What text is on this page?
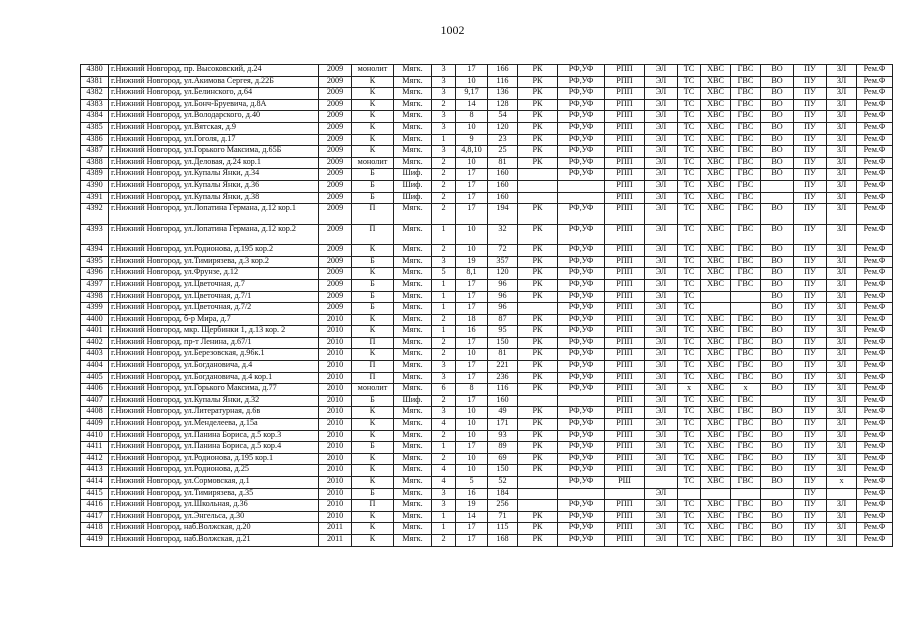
1002
4380	г.Нижний Новгород, пр. Высоковский, д.24	2009	монолит	Мягк.	3	17	166	РК	РФ,УФ	РПП	ЭЛ	ТС	ХВС	ГВС	ВО	ПУ	ЗЛ	Рем.Ф
4381	г.Нижний Новгород, ул.Акимова Сергея, д.22Б	2009	К	Мягк.	3	10	116	РК	РФ,УФ	РПП	ЭЛ	ТС	ХВС	ГВС	ВО	ПУ	ЗЛ	Рем.Ф
4382	г.Нижний Новгород, ул.Белинского, д.64	2009	К	Мягк.	3	9,17	136	РК	РФ,УФ	РПП	ЭЛ	ТС	ХВС	ГВС	ВО	ПУ	ЗЛ	Рем.Ф
4383	г.Нижний Новгород, ул.Бонч-Бруевича, д.8А	2009	К	Мягк.	2	14	128	РК	РФ,УФ	РПП	ЭЛ	ТС	ХВС	ГВС	ВО	ПУ	ЗЛ	Рем.Ф
4384	г.Нижний Новгород, ул.Володарского, д.40	2009	К	Мягк.	3	8	54	РК	РФ,УФ	РПП	ЭЛ	ТС	ХВС	ГВС	ВО	ПУ	ЗЛ	Рем.Ф
4385	г.Нижний Новгород, ул.Вятская, д.9	2009	К	Мягк.	3	10	120	РК	РФ,УФ	РПП	ЭЛ	ТС	ХВС	ГВС	ВО	ПУ	ЗЛ	Рем.Ф
4386	г.Нижний Новгород, ул.Гоголя, д.17	2009	К	Мягк.	1	9	23	РК	РФ,УФ	РПП	ЭЛ	ТС	ХВС	ГВС	ВО	ПУ	ЗЛ	Рем.Ф
4387	г.Нижний Новгород, ул.Горького Максима, д.65Б	2009	К	Мягк.	3	4,8,10	25	РК	РФ,УФ	РПП	ЭЛ	ТС	ХВС	ГВС	ВО	ПУ	ЗЛ	Рем.Ф
4388	г.Нижний Новгород, ул.Деловая, д.24 кор.1	2009	монолит	Мягк.	2	10	81	РК	РФ,УФ	РПП	ЭЛ	ТС	ХВС	ГВС	ВО	ПУ	ЗЛ	Рем.Ф
4389	г.Нижний Новгород, ул.Купалы Янки, д.34	2009	Б	Шиф.	2	17	160		РФ,УФ	РПП	ЭЛ	ТС	ХВС	ГВС	ВО	ПУ	ЗЛ	Рем.Ф
4390	г.Нижний Новгород, ул.Купалы Янки, д.36	2009	Б	Шиф.	2	17	160			РПП	ЭЛ	ТС	ХВС	ГВС		ПУ	ЗЛ	Рем.Ф
4391	г.Нижний Новгород, ул.Купалы Янки, д.38	2009	Б	Шиф.	2	17	160			РПП	ЭЛ	ТС	ХВС	ГВС		ПУ	ЗЛ	Рем.Ф
4392	г.Нижний Новгород, ул.Лопатина Германа, д.12 кор.1	2009	П	Мягк.	2	17	194	РК	РФ,УФ	РПП	ЭЛ	ТС	ХВС	ГВС	ВО	ПУ	ЗЛ	Рем.Ф
4393	г.Нижний Новгород, ул.Лопатина Германа, д.12 кор.2	2009	П	Мягк.	1	10	32	РК	РФ,УФ	РПП	ЭЛ	ТС	ХВС	ГВС	ВО	ПУ	ЗЛ	Рем.Ф
4394	г.Нижний Новгород, ул.Родионова, д.195 кор.2	2009	К	Мягк.	2	10	72	РК	РФ,УФ	РПП	ЭЛ	ТС	ХВС	ГВС	ВО	ПУ	ЗЛ	Рем.Ф
4395	г.Нижний Новгород, ул.Тимирязева, д.3 кор.2	2009	Б	Мягк.	3	19	357	РК	РФ,УФ	РПП	ЭЛ	ТС	ХВС	ГВС	ВО	ПУ	ЗЛ	Рем.Ф
4396	г.Нижний Новгород, ул.Фрунзе, д.12	2009	К	Мягк.	5	8,1	120	РК	РФ,УФ	РПП	ЭЛ	ТС	ХВС	ГВС	ВО	ПУ	ЗЛ	Рем.Ф
4397	г.Нижний Новгород, ул.Цветочная, д.7	2009	Б	Мягк.	1	17	96	РК	РФ,УФ	РПП	ЭЛ	ТС	ХВС	ГВС	ВО	ПУ	ЗЛ	Рем.Ф
4398	г.Нижний Новгород, ул.Цветочная, д.7/1	2009	Б	Мягк.	1	17	96	РК	РФ,УФ	РПП	ЭЛ	ТС			ВО	ПУ	ЗЛ	Рем.Ф
4399	г.Нижний Новгород, ул.Цветочная, д.7/2	2009	Б	Мягк.	1	17	96		РФ,УФ	РПП	ЭЛ	ТС			ВО	ПУ	ЗЛ	Рем.Ф
4400	г.Нижний Новгород, б-р Мира, д.7	2010	К	Мягк.	2	18	87	РК	РФ,УФ	РПП	ЭЛ	ТС	ХВС	ГВС	ВО	ПУ	ЗЛ	Рем.Ф
4401	г.Нижний Новгород, мкр. Щербинки 1, д.13 кор. 2	2010	К	Мягк.	1	16	95	РК	РФ,УФ	РПП	ЭЛ	ТС	ХВС	ГВС	ВО	ПУ	ЗЛ	Рем.Ф
4402	г.Нижний Новгород, пр-т Ленина, д.67/1	2010	П	Мягк.	2	17	150	РК	РФ,УФ	РПП	ЭЛ	ТС	ХВС	ГВС	ВО	ПУ	ЗЛ	Рем.Ф
4403	г.Нижний Новгород, ул.Березовская, д.96к.1	2010	К	Мягк.	2	10	81	РК	РФ,УФ	РПП	ЭЛ	ТС	ХВС	ГВС	ВО	ПУ	ЗЛ	Рем.Ф
4404	г.Нижний Новгород, ул.Богдановича, д.4	2010	П	Мягк.	3	17	221	РК	РФ,УФ	РПП	ЭЛ	ТС	ХВС	ГВС	ВО	ПУ	ЗЛ	Рем.Ф
4405	г.Нижний Новгород, ул.Богдановича, д.4 кор.1	2010	П	Мягк.	3	17	236	РК	РФ,УФ	РПП	ЭЛ	ТС	ХВС	ГВС	ВО	ПУ	ЗЛ	Рем.Ф
4406	г.Нижний Новгород, ул.Горького Максима, д.77	2010	монолит	Мягк.	6	8	116	РК	РФ,УФ	РПП	ЭЛ	x	ХВС	x	ВО	ПУ	ЗЛ	Рем.Ф
4407	г.Нижний Новгород, ул.Купалы Янки, д.32	2010	Б	Шиф.	2	17	160			РПП	ЭЛ	ТС	ХВС	ГВС		ПУ	ЗЛ	Рем.Ф
4408	г.Нижний Новгород, ул.Литературная, д.6в	2010	К	Мягк.	3	10	49	РК	РФ,УФ	РПП	ЭЛ	ТС	ХВС	ГВС	ВО	ПУ	ЗЛ	Рем.Ф
4409	г.Нижний Новгород, ул.Менделеева, д.15а	2010	К	Мягк.	4	10	171	РК	РФ,УФ	РПП	ЭЛ	ТС	ХВС	ГВС	ВО	ПУ	ЗЛ	Рем.Ф
4410	г.Нижний Новгород, ул.Панина Бориса, д.5 кор.3	2010	К	Мягк.	2	10	93	РК	РФ,УФ	РПП	ЭЛ	ТС	ХВС	ГВС	ВО	ПУ	ЗЛ	Рем.Ф
4411	г.Нижний Новгород, ул.Панина Бориса, д.5 кор.4	2010	Б	Мягк.	1	17	89	РК	РФ,УФ	РПП	ЭЛ	ТС	ХВС	ГВС	ВО	ПУ	ЗЛ	Рем.Ф
4412	г.Нижний Новгород, ул.Родионова, д.195 кор.1	2010	К	Мягк.	2	10	69	РК	РФ,УФ	РПП	ЭЛ	ТС	ХВС	ГВС	ВО	ПУ	ЗЛ	Рем.Ф
4413	г.Нижний Новгород, ул.Родионова, д.25	2010	К	Мягк.	4	10	150	РК	РФ,УФ	РПП	ЭЛ	ТС	ХВС	ГВС	ВО	ПУ	ЗЛ	Рем.Ф
4414	г.Нижний Новгород, ул.Сормовская, д.1	2010	К	Мягк.	4	5	52		РФ,УФ	РШ		ТС	ХВС	ГВС	ВО	ПУ	x	Рем.Ф
4415	г.Нижний Новгород, ул.Тимирязева, д.35	2010	Б	Мягк.	3	16	184				ЭЛ					ПУ		Рем.Ф
4416	г.Нижний Новгород, ул.Школьная, д.36	2010	П	Мягк.	3	19	256		РФ,УФ	РПП	ЭЛ	ТС	ХВС	ГВС	ВО	ПУ	ЗЛ	Рем.Ф
4417	г.Нижний Новгород, ул.Энгельса, д.30	2010	К	Мягк.	1	14	71	РК	РФ,УФ	РПП	ЭЛ	ТС	ХВС	ГВС	ВО	ПУ	ЗЛ	Рем.Ф
4418	г.Нижний Новгород, наб.Волжская, д.20	2011	К	Мягк.	1	17	115	РК	РФ,УФ	РПП	ЭЛ	ТС	ХВС	ГВС	ВО	ПУ	ЗЛ	Рем.Ф
4419	г.Нижний Новгород, наб.Волжская, д.21	2011	К	Мягк.	2	17	168	РК	РФ,УФ	РПП	ЭЛ	ТС	ХВС	ГВС	ВО	ПУ	ЗЛ	Рем.Ф
